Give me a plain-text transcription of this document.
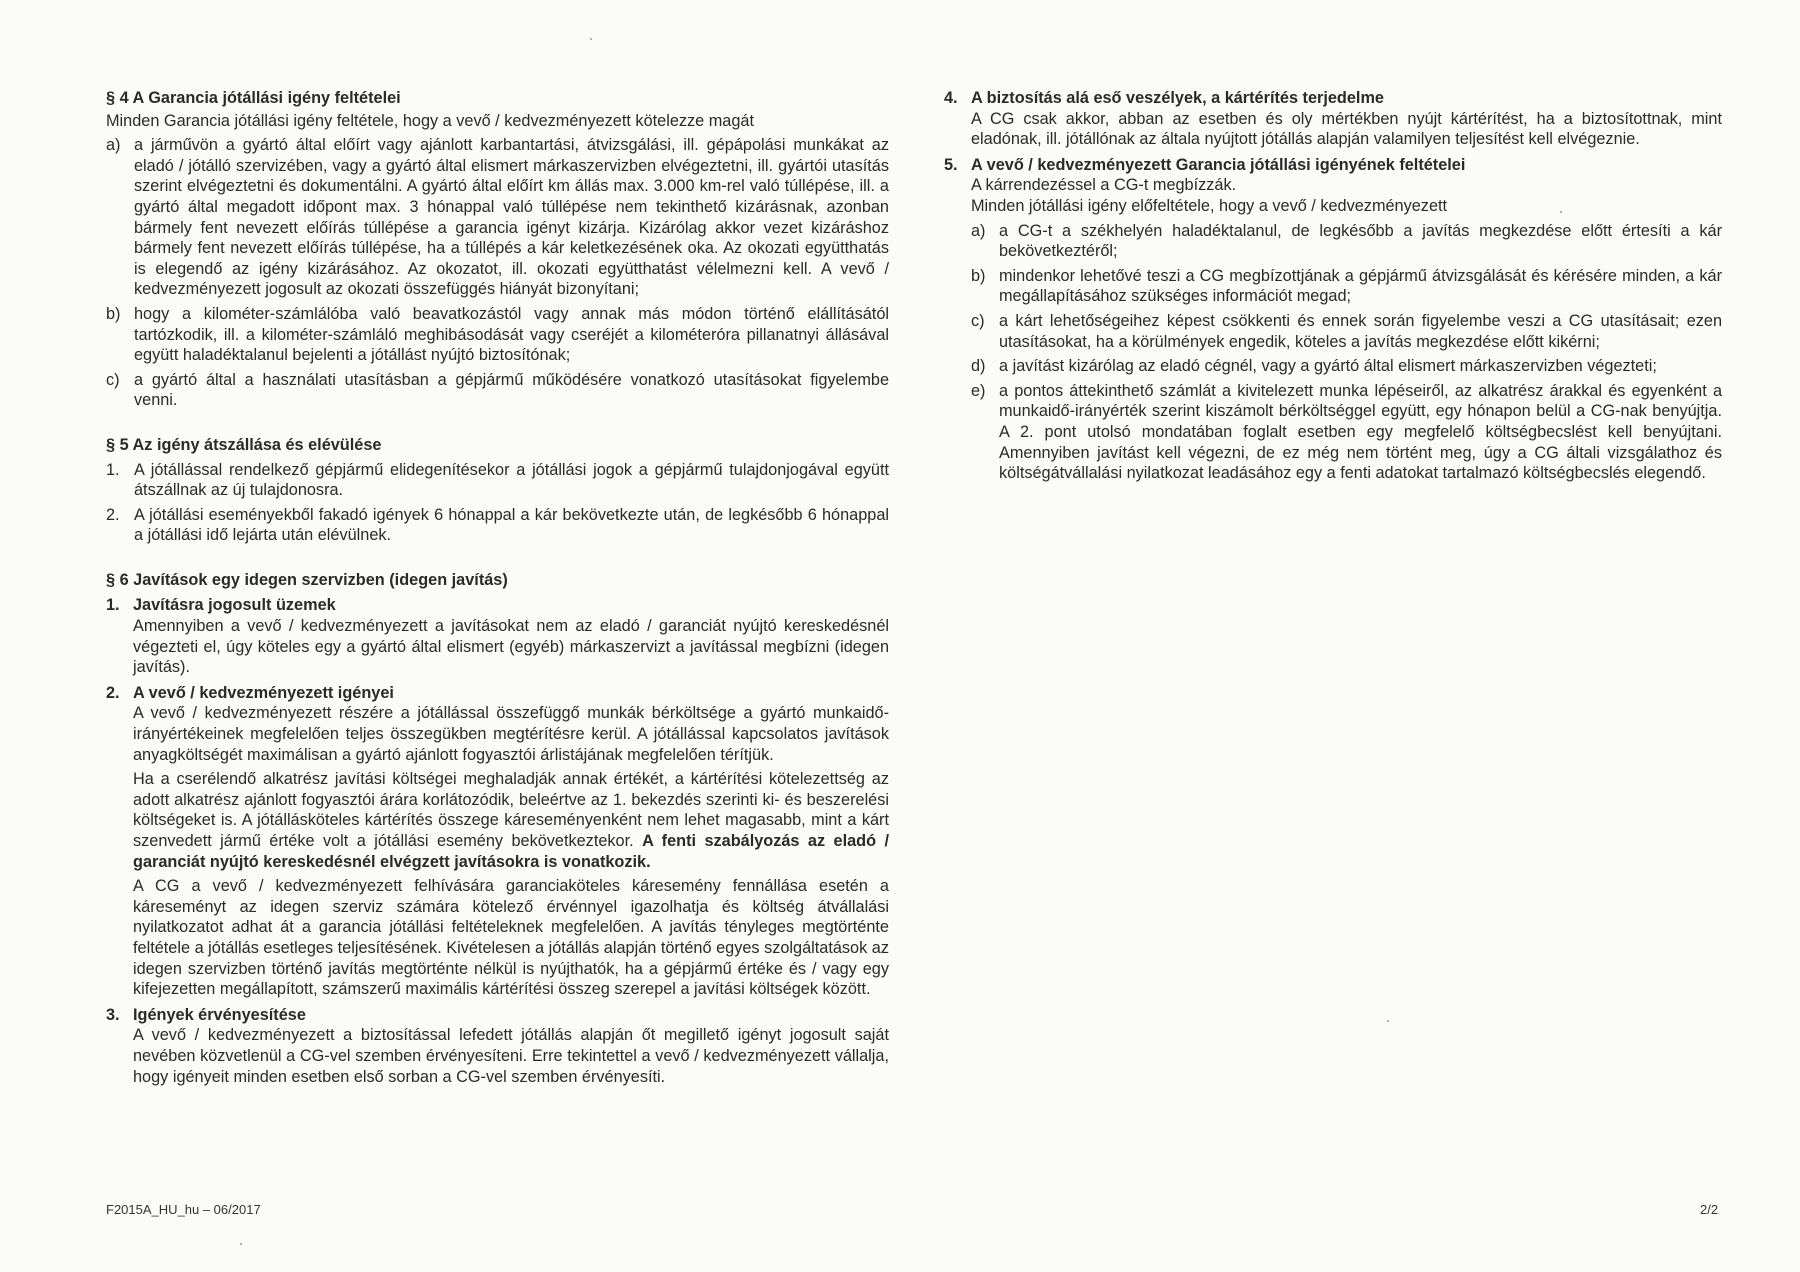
§ 4 A Garancia jótállási igény feltételei

Minden Garancia jótállási igény feltétele, hogy a vevő / kedvezményezett kötelezze magát

a) a járművön a gyártó által előírt vagy ajánlott karbantartási, átvizsgálási, ill. gépápolási munkákat az eladó / jótálló szervizében, vagy a gyártó által elismert márkaszervizben elvégeztetni, ill. gyártói utasítás szerint elvégeztetni és dokumentálni. A gyártó által előírt km állás max. 3.000 km-rel való túllépése, ill. a gyártó által megadott időpont max. 3 hónappal való túllépése nem tekinthető kizárásnak, azonban bármely fent nevezett előírás túllépése a garancia igényt kizárja. Kizárólag akkor vezet kizáráshoz bármely fent nevezett előírás túllépése, ha a túllépés a kár keletkezésének oka. Az okozati együtthatás is elegendő az igény kizárásához. Az okozatot, ill. okozati együtthatást vélelmezni kell. A vevő / kedvezményezett jogosult az okozati összefüggés hiányát bizonyítani;
b) hogy a kilométer-számlálóba való beavatkozástól vagy annak más módon történő elállításától tartózkodik, ill. a kilométer-számláló meghibásodását vagy cseréjét a kilométeróra pillanatnyi állásával együtt haladéktalanul bejelenti a jótállást nyújtó biztosítónak;
c) a gyártó által a használati utasításban a gépjármű működésére vonatkozó utasításokat figyelembe venni.
§ 5 Az igény átszállása és elévülése
1. A jótállással rendelkező gépjármű elidegenítésekor a jótállási jogok a gépjármű tulajdonjogával együtt átszállnak az új tulajdonosra.
2. A jótállási eseményekből fakadó igények 6 hónappal a kár bekövetkezte után, de legkésőbb 6 hónappal a jótállási idő lejárta után elévülnek.
§ 6 Javítások egy idegen szervizben (idegen javítás)
1. Javításra jogosult üzemek

Amennyiben a vevő / kedvezményezett a javításokat nem az eladó / garanciát nyújtó kereskedésnél végezteti el, úgy köteles egy a gyártó által elismert (egyéb) márkaszervizt a javítással megbízni (idegen javítás).

2. A vevő / kedvezményezett igényei

A vevő / kedvezményezett részére a jótállással összefüggő munkák bérköltsége a gyártó munkaidő-irányértékeinek megfelelően teljes összegükben megtérítésre kerül. A jótállással kapcsolatos javítások anyagköltségét maximálisan a gyártó ajánlott fogyasztói árlistájának megfelelően térítjük.

Ha a cserélendő alkatrész javítási költségei meghaladják annak értékét, a kártérítési kötelezettség az adott alkatrész ajánlott fogyasztói árára korlátozódik, beleértve az 1. bekezdés szerinti ki- és beszerelési költségeket is. A jótállásköteles kártérítés összege káreseményenként nem lehet magasabb, mint a kárt szenvedett jármű értéke volt a jótállási esemény bekövetkeztekor. A fenti szabályozás az eladó / garanciát nyújtó kereskedésnél elvégzett javításokra is vonatkozik.

A CG a vevő / kedvezményezett felhívására garanciaköteles káresemény fennállása esetén a káreseményt az idegen szerviz számára kötelező érvénnyel igazolhatja és költség átvállalási nyilatkozatot adhat át a garancia jótállási feltételeknek megfelelően. A javítás tényleges megtörténte feltétele a jótállás esetleges teljesítésének. Kivételesen a jótállás alapján történő egyes szolgáltatások az idegen szervizben történő javítás megtörténte nélkül is nyújthatók, ha a gépjármű értéke és / vagy egy kifejezetten megállapított, számszerű maximális kártérítési összeg szerepel a javítási költségek között.

3. Igények érvényesítése

A vevő / kedvezményezett a biztosítással lefedett jótállás alapján őt megillető igényt jogosult saját nevében közvetlenül a CG-vel szemben érvényesíteni. Erre tekintettel a vevő / kedvezményezett vállalja, hogy igényeit minden esetben első sorban a CG-vel szemben érvényesíti.

4. A biztosítás alá eső veszélyek, a kártérítés terjedelme

A CG csak akkor, abban az esetben és oly mértékben nyújt kártérítést, ha a biztosítottnak, mint eladónak, ill. jótállónak az általa nyújtott jótállás alapján valamilyen teljesítést kell elvégeznie.

5. A vevő / kedvezményezett Garancia jótállási igényének feltételei

A kárrendezéssel a CG-t megbízzák.

Minden jótállási igény előfeltétele, hogy a vevő / kedvezményezett

a) a CG-t a székhelyén haladéktalanul, de legkésőbb a javítás megkezdése előtt értesíti a kár bekövetkeztéről;
b) mindenkor lehetővé teszi a CG megbízottjának a gépjármű átvizsgálását és kérésére minden, a kár megállapításához szükséges információt megad;
c) a kárt lehetőségeihez képest csökkenti és ennek során figyelembe veszi a CG utasításait; ezen utasításokat, ha a körülmények engedik, köteles a javítás megkezdése előtt kikérni;
d) a javítást kizárólag az eladó cégnél, vagy a gyártó által elismert márkaszervizben végezteti;
e) a pontos áttekinthető számlát a kivitelezett munka lépéseiről, az alkatrész árakkal és egyenként a munkaidő-irányérték szerint kiszámolt bérköltséggel együtt, egy hónapon belül a CG-nak benyújtja. A 2. pont utolsó mondatában foglalt esetben egy megfelelő költségbecslést kell benyújtani. Amennyiben javítást kell végezni, de ez még nem történt meg, úgy a CG általi vizsgálathoz és költségátvállalási nyilatkozat leadásához egy a fenti adatokat tartalmazó költségbecslés elegendő.
F2015A_HU_hu – 06/2017	2/2
